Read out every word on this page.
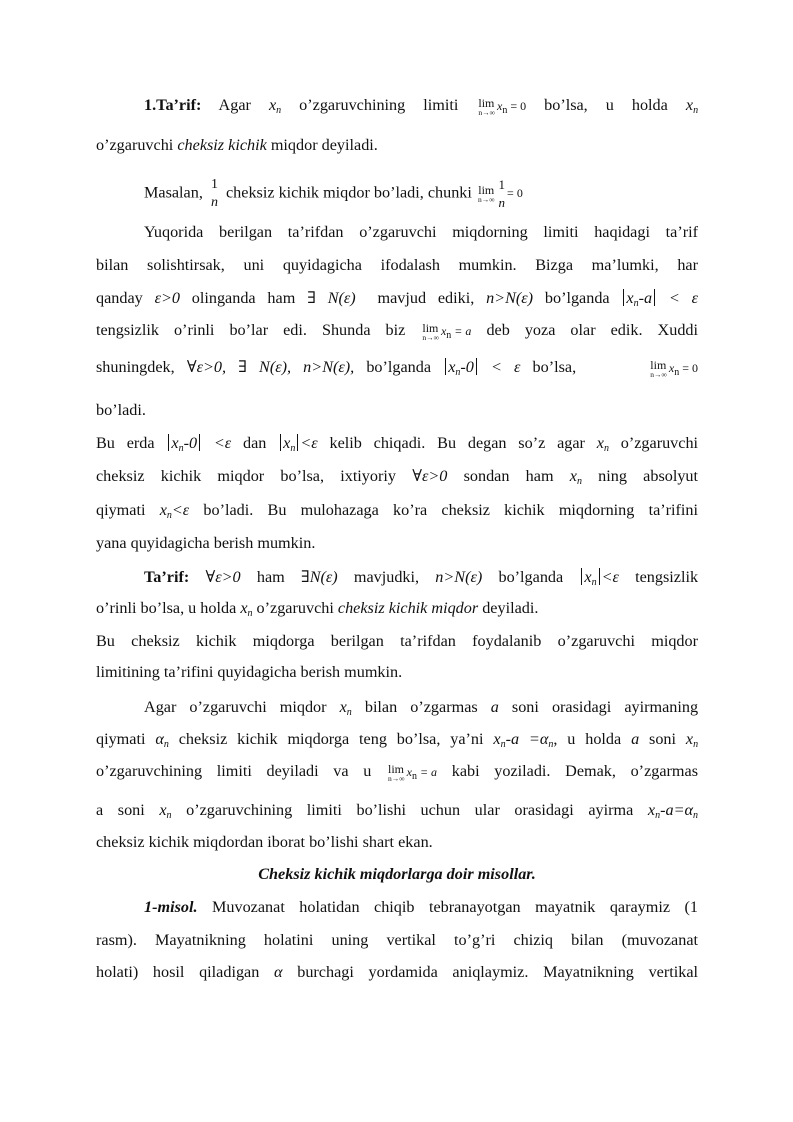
1.Ta’rif: Agar $x_n$ o’zgaruvchining limiti lim
n→∞ $x_n = 0$ bo’lsa, u holda $x_n$
o’zgaruvchi cheksiz kichik miqdor deyiladi.
Masalan, 1
n
cheksiz kichik miqdor bo’ladi, chunki lim
n→∞
1
n
= 0
Yuqorida berilgan ta’rifdan o’zgaruvchi miqdorning limiti haqidagi ta’rif
bilan solishtirsak, uni quyidagicha ifodalash mumkin. Bizga ma’lumki, har
qanday ε>0 olinganda ham ∃ N(ε) mavjud ediki, n>N(ε) bo’lganda $x_n-a < \varepsilon$
tengsizlik o’rinli bo’lar edi. Shunda biz lim
n→∞ $x_n = a$ deb yoza olar edik. Xuddi
shuningdek, ∀ε>0, ∃ N(ε), n>N(ε), bo’lganda $x_n-0 < \varepsilon$ bo’lsa,	lim
n→∞ $x_n = 0$
bo’ladi.
Bu erda $x_n-0 <\varepsilon$ dan $x_n <\varepsilon$ kelib chiqadi. Bu degan so’z agar $x_n$ o’zgaruvchi
cheksiz kichik miqdor bo’lsa, ixtiyoriy ∀ε>0 sondan ham $x_n$ ning absolyut
qiymati $x_n<\varepsilon$ bo’ladi. Bu mulohazaga ko’ra cheksiz kichik miqdorning ta’rifini
yana quyidagicha berish mumkin.
Ta’rif: ∀ε>0 ham ∃N(ε) mavjudki, n>N(ε) bo’lganda $x_n <\varepsilon$ tengsizlik
o’rinli bo’lsa, u holda $x_n$ o’zgaruvchi cheksiz kichik miqdor deyiladi.
Bu cheksiz kichik miqdorga berilgan ta’rifdan foydalanib o’zgaruvchi miqdor
limitining ta’rifini quyidagicha berish mumkin.
Agar o’zgaruvchi miqdor $x_n$ bilan o’zgarmas a soni orasidagi ayirmaning
qiymati $\alpha_n$ cheksiz kichik miqdorga teng bo’lsa, ya’ni $x_n-a =\alpha_n$, u holda a soni $x_n$
o’zgaruvchining limiti deyiladi va u lim
n→∞ $x_n = a$ kabi yoziladi. Demak, o’zgarmas
a soni $x_n$ o’zgaruvchining limiti bo’lishi uchun ular orasidagi ayirma $x_n-a=\alpha_n$
cheksiz kichik miqdordan iborat bo’lishi shart ekan.
Cheksiz kichik miqdorlarga doir misollar.
1-misol. Muvozanat holatidan chiqib tebranayotgan mayatnik qaraymiz (1
rasm). Mayatnikning holatini uning vertikal to’g’ri chiziq bilan (muvozanat
holati) hosil qiladigan α burchagi yordamida aniqlaymiz. Mayatnikning vertikal
